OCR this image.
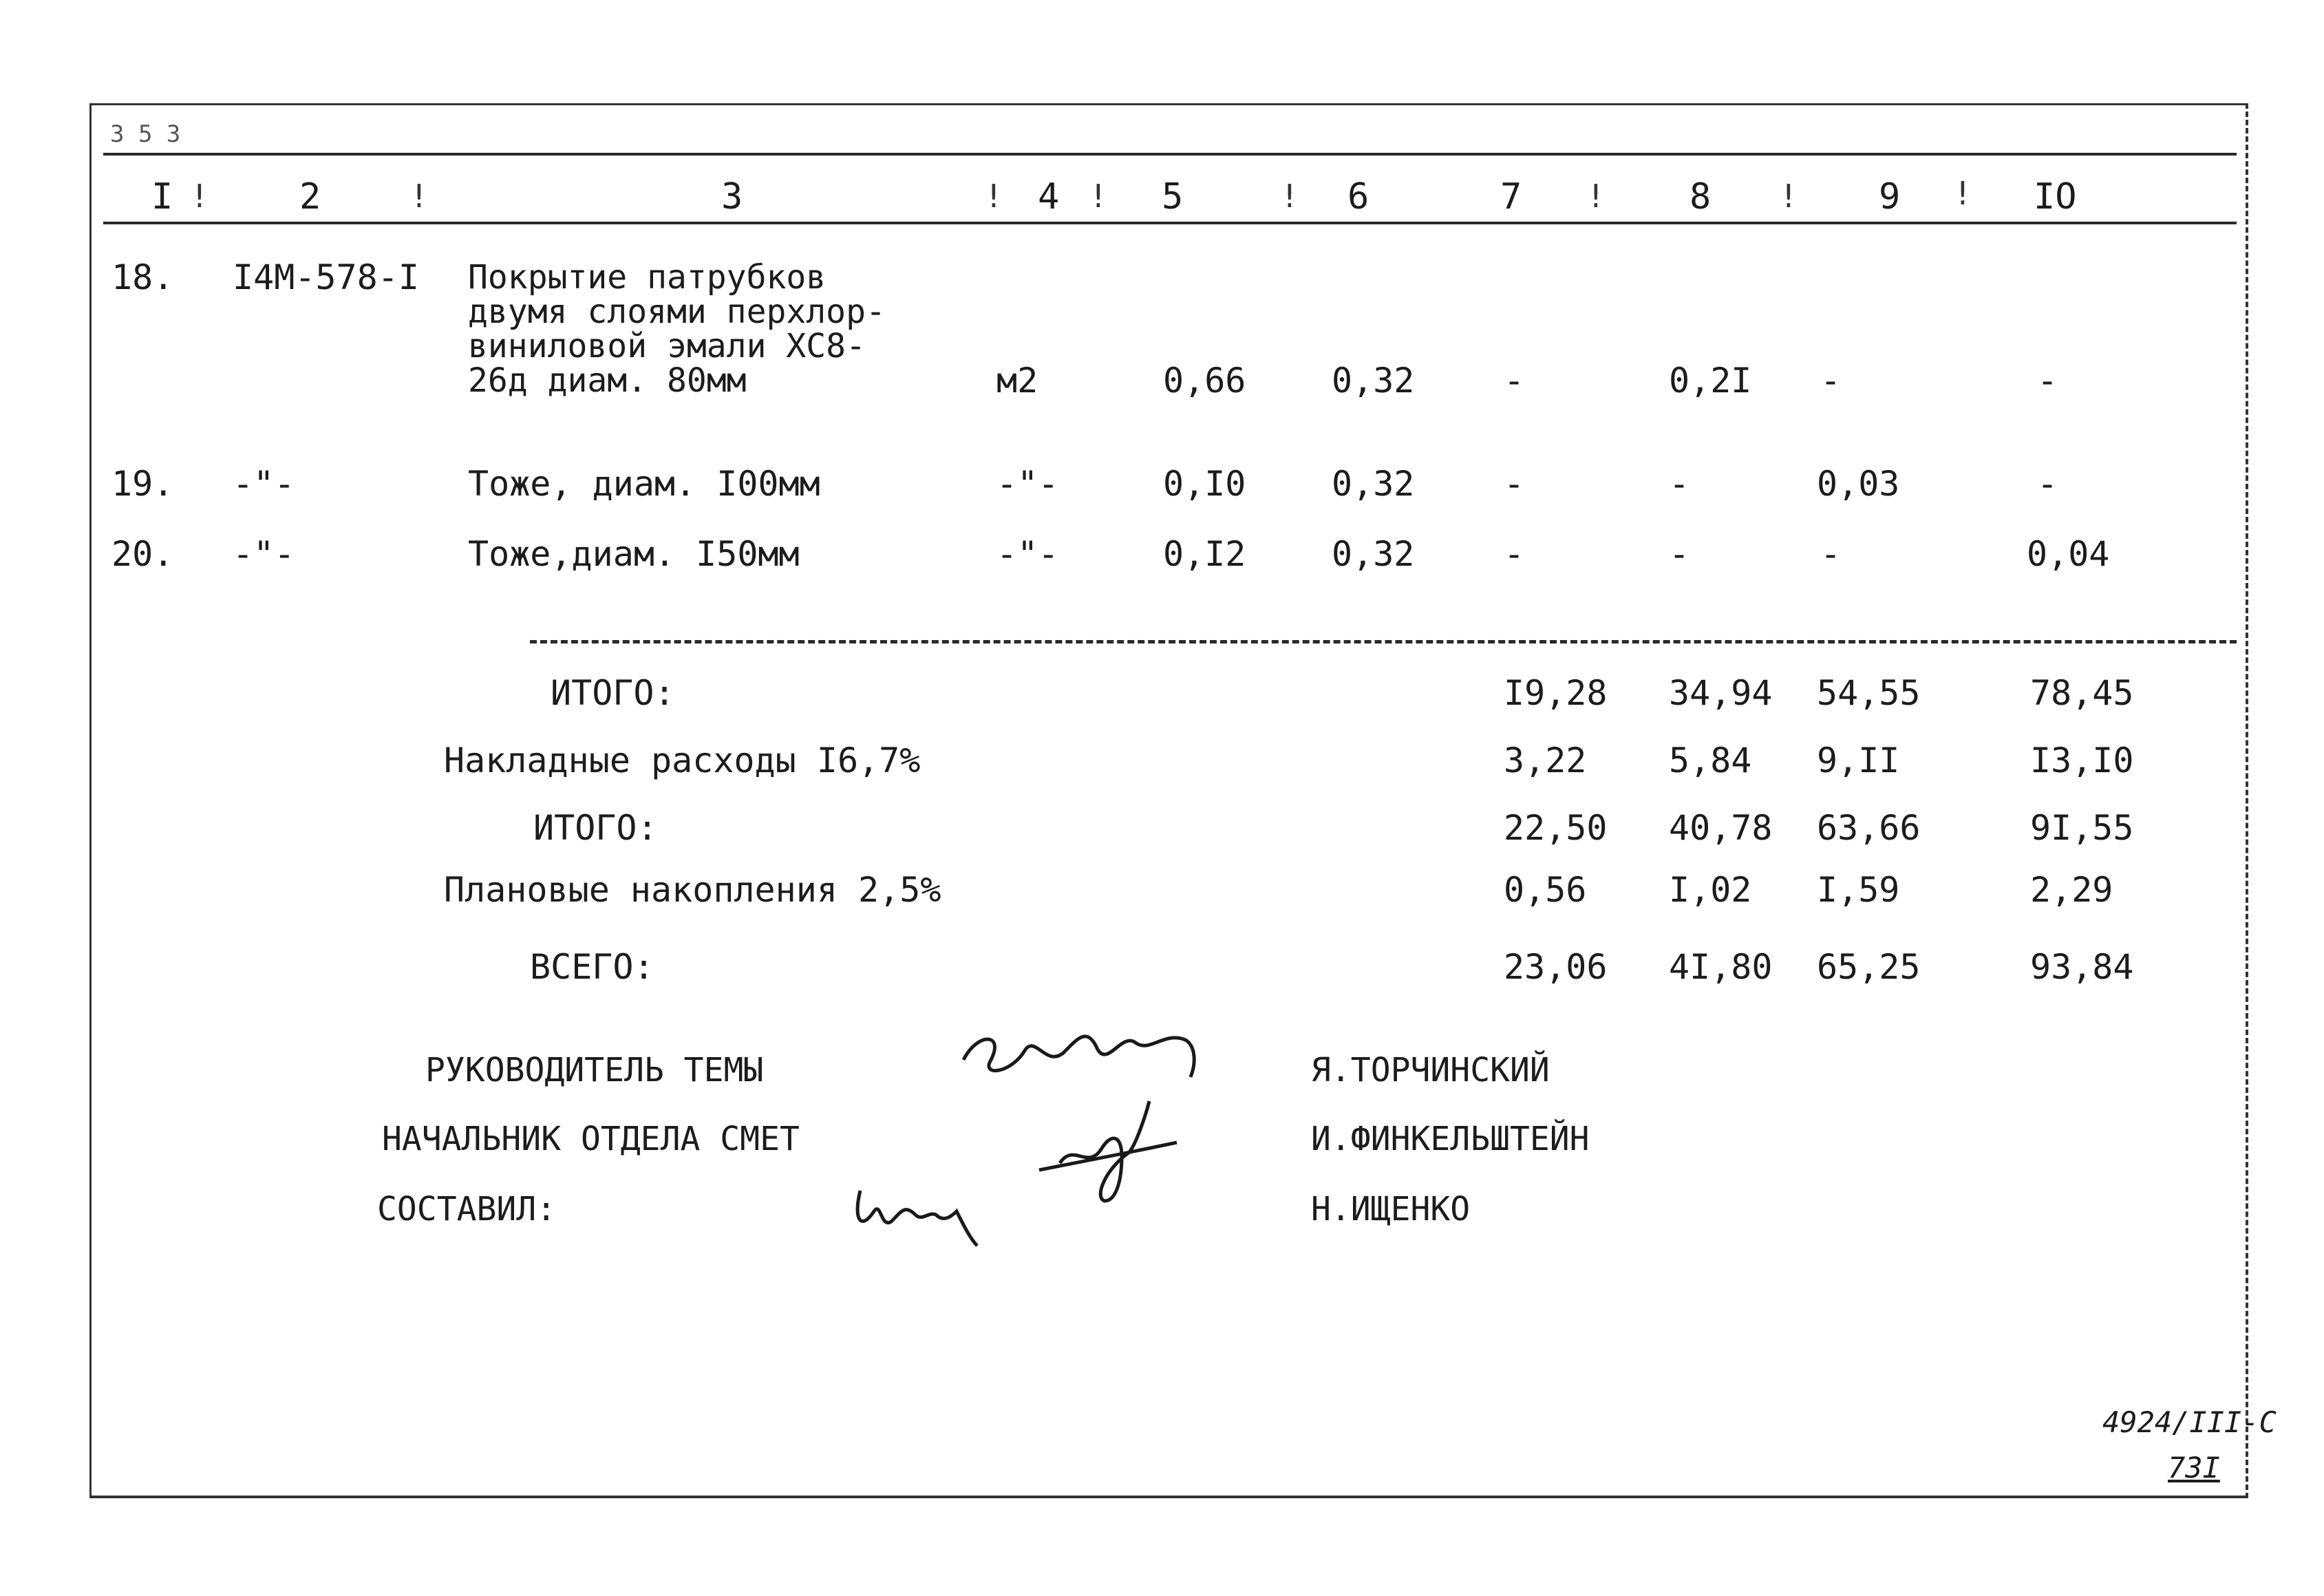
3 5 3
I !	2	!	3	! 4 ! 5	! 6	7 ! 8 ! 9 ! IO
18. I4M-578-I Покрытие патрубков
двумя слоями перхлор-
виниловой эмали ХС8-
26д диам. 80мм	м2	0,66 0,32	-	0,2I -	-
19. -"-	Тоже, диам. I00мм	-"-	0,I0 0,32	-	-	0,03	-
20. -"-	Тоже,диам. I50мм	-"-	0,I2 0,32	-	-	-	0,04
ИТОГО:	I9,28 34,94 54,55	78,45
Накладные расходы I6,7%	3,22 5,84 9,II	I3,I0
ИТОГО:	22,50 40,78 63,66	9I,55
Плановые накопления 2,5%	0,56 I,02 I,59	2,29
ВСЕГО:	23,06 4I,80 65,25	93,84
РУКОВОДИТЕЛЬ ТЕМЫ	Я.ТОРЧИНСКИЙ
НАЧАЛЬНИК ОТДЕЛА СМЕТ	И.ФИНКЕЛЬШТЕЙН
СОСТАВИЛ:	Н.ИЩЕНКО
4924/III-С
73I
